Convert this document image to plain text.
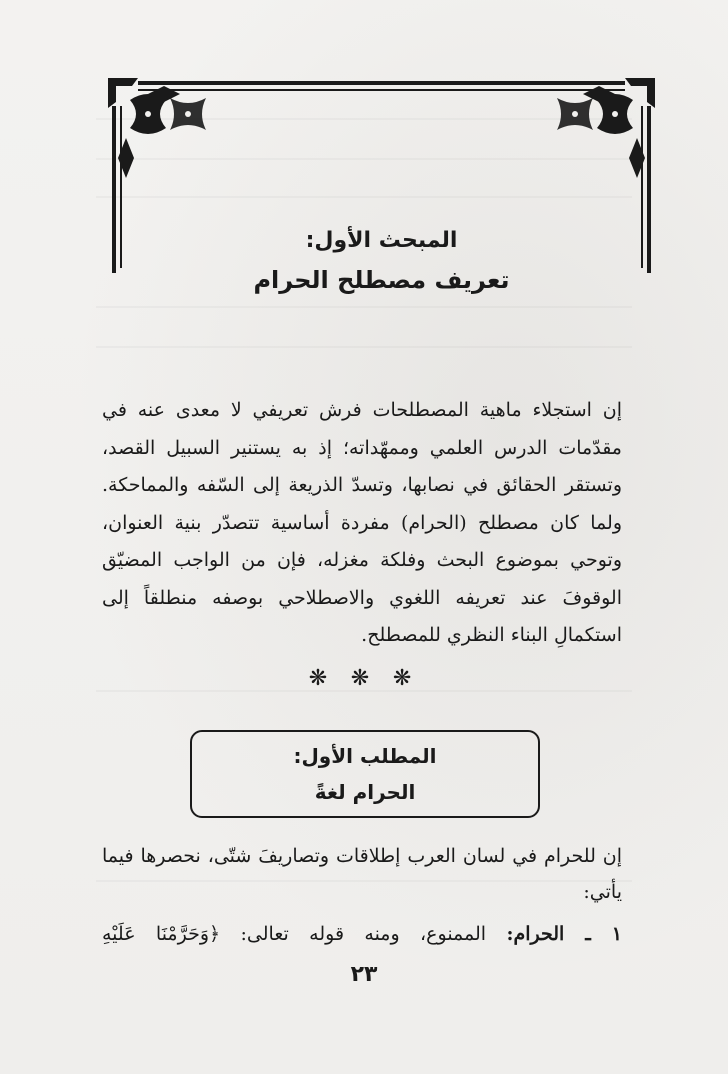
المبحث الأول:
تعريف مصطلح الحرام
إن استجلاء ماهية المصطلحات فرش تعريفي لا معدى عنه في مقدّمات الدرس العلمي وممهّداته؛ إذ به يستنير السبيل القصد، وتستقر الحقائق في نصابها، وتسدّ الذريعة إلى السّفه والمماحكة. ولما كان مصطلح (الحرام) مفردة أساسية تتصدّر بنية العنوان، وتوحي بموضوع البحث وفلكة مغزله، فإن من الواجب المضيّق الوقوفَ عند تعريفه اللغوي والاصطلاحي بوصفه منطلقاً إلى استكمالِ البناء النظري للمصطلح.
❋ ❋ ❋
المطلب الأول:
الحرام لغةً
إن للحرام في لسان العرب إطلاقات وتصاريفَ شتّى، نحصرها فيما يأتي:
١ ـ الحرام: الممنوع، ومنه قوله تعالى: ﴿وَحَرَّمْنَا عَلَيْهِ
٢٣
